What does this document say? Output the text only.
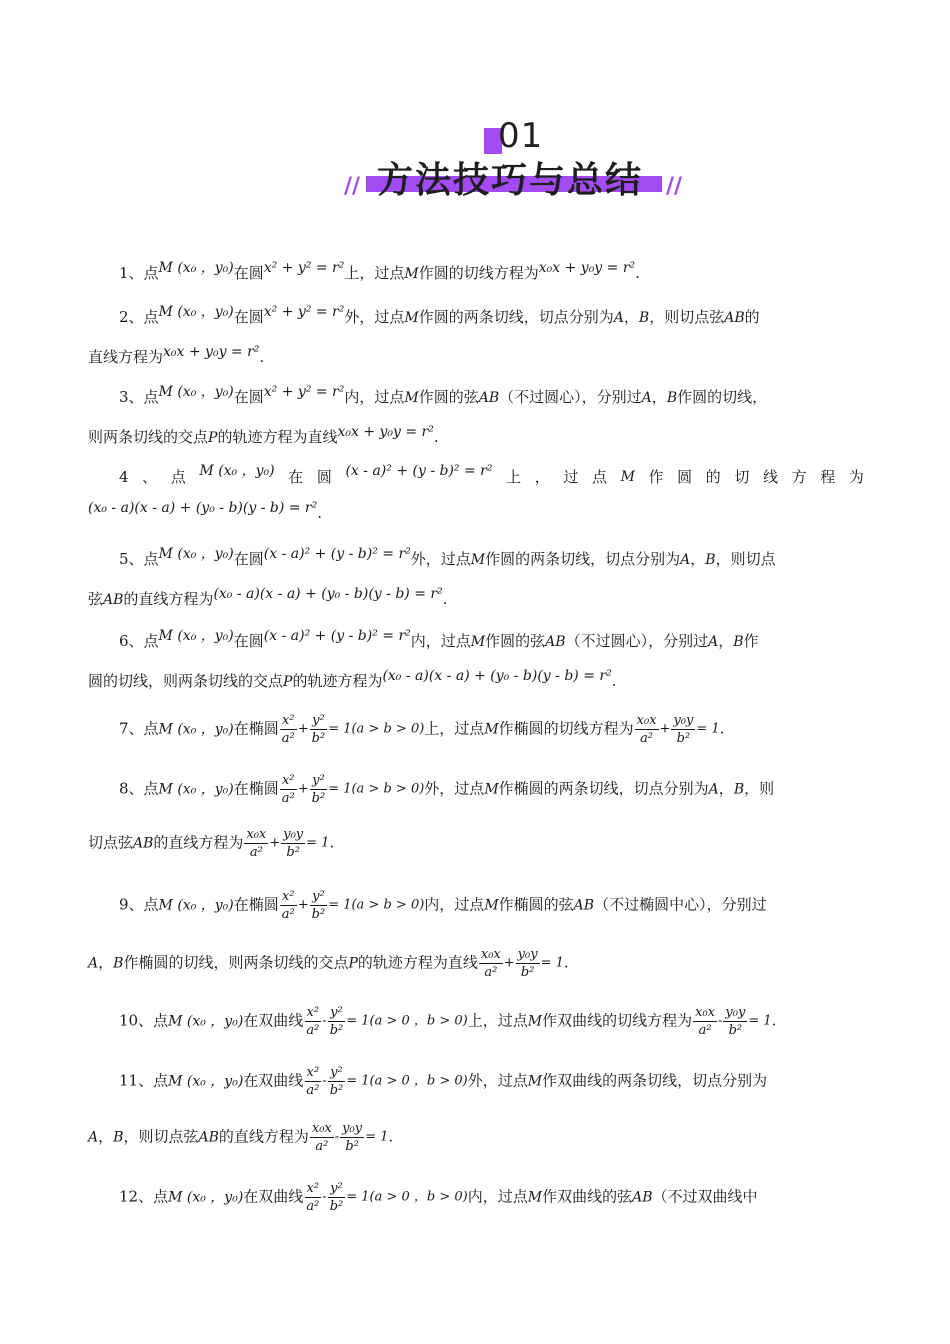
01
// 方法技巧与总结	//
1、点M (x₀ ，y₀)在圆x² + y² = r²上，过点M作圆的切线方程为x₀x + y₀y = r².
2、点M (x₀ ，y₀)在圆x² + y² = r²外，过点M作圆的两条切线，切点分别为A，B，则切点弦AB的
直线方程为x₀x + y₀y = r².
3、点M (x₀ ，y₀)在圆x² + y² = r²内，过点M作圆的弦AB（不过圆心），分别过A，B作圆的切线，
则两条切线的交点P的轨迹方程为直线x₀x + y₀y = r².
4 、 点 M (x₀ ，y₀) 在 圆 (x - a)² + (y - b)² = r² 上 ， 过 点 M 作 圆 的 切 线 方 程 为
(x₀ - a)(x - a) + (y₀ - b)(y - b) = r².
5、点M (x₀ ，y₀)在圆(x - a)² + (y - b)² = r²外，过点M作圆的两条切线，切点分别为A，B，则切点
弦AB的直线方程为(x₀ - a)(x - a) + (y₀ - b)(y - b) = r².
6、点M (x₀ ，y₀)在圆(x - a)² + (y - b)² = r²内，过点M作圆的弦AB（不过圆心），分别过A，B作
圆的切线，则两条切线的交点P的轨迹方程为(x₀ - a)(x - a) + (y₀ - b)(y - b) = r².
7、点M (x₀ ，y₀)在椭圆 $\frac{\text{x²}}{\text{a²}} + \frac{\text{y²}}{\text{b²}} = 1(a > b > 0)$上，过点M作椭圆的切线方程为 $\frac{\text{x₀x}}{\text{a²}} + \frac{\text{y₀y}}{\text{b²}} = 1$.
8、点M (x₀ ，y₀)在椭圆 $\frac{\text{x²}}{\text{a²}} + \frac{\text{y²}}{\text{b²}} = 1(a > b > 0)$外，过点M作椭圆的两条切线，切点分别为A，B，则
切点弦AB的直线方程为 $\frac{\text{x₀x}}{\text{a²}} + \frac{\text{y₀y}}{\text{b²}} = 1$.
9、点M (x₀ ，y₀)在椭圆 $\frac{\text{x²}}{\text{a²}} + \frac{\text{y²}}{\text{b²}} = 1(a > b > 0)$内，过点M作椭圆的弦AB（不过椭圆中心），分别过
A，B作椭圆的切线，则两条切线的交点P的轨迹方程为直线 $\frac{\text{x₀x}}{\text{a²}} + \frac{\text{y₀y}}{\text{b²}} = 1$.
10、点M (x₀ ，y₀)在双曲线 $\frac{\text{x²}}{\text{a²}} - \frac{\text{y²}}{\text{b²}} = 1(a > 0$ ，b > 0)上，过点M作双曲线的切线方程为 $\frac{\text{x₀x}}{\text{a²}} - \frac{\text{y₀y}}{\text{b²}} = 1$.
11、点M (x₀ ，y₀)在双曲线 $\frac{\text{x²}}{\text{a²}} - \frac{\text{y²}}{\text{b²}} = 1(a > 0$ ，b > 0)外，过点M作双曲线的两条切线，切点分别为
A，B，则切点弦AB的直线方程为 $\frac{\text{x₀x}}{\text{a²}} - \frac{\text{y₀y}}{\text{b²}} = 1$.
12、点M (x₀ ，y₀)在双曲线 $\frac{\text{x²}}{\text{a²}} - \frac{\text{y²}}{\text{b²}} = 1(a > 0$ ，b > 0)内，过点M作双曲线的弦AB（不过双曲线中
